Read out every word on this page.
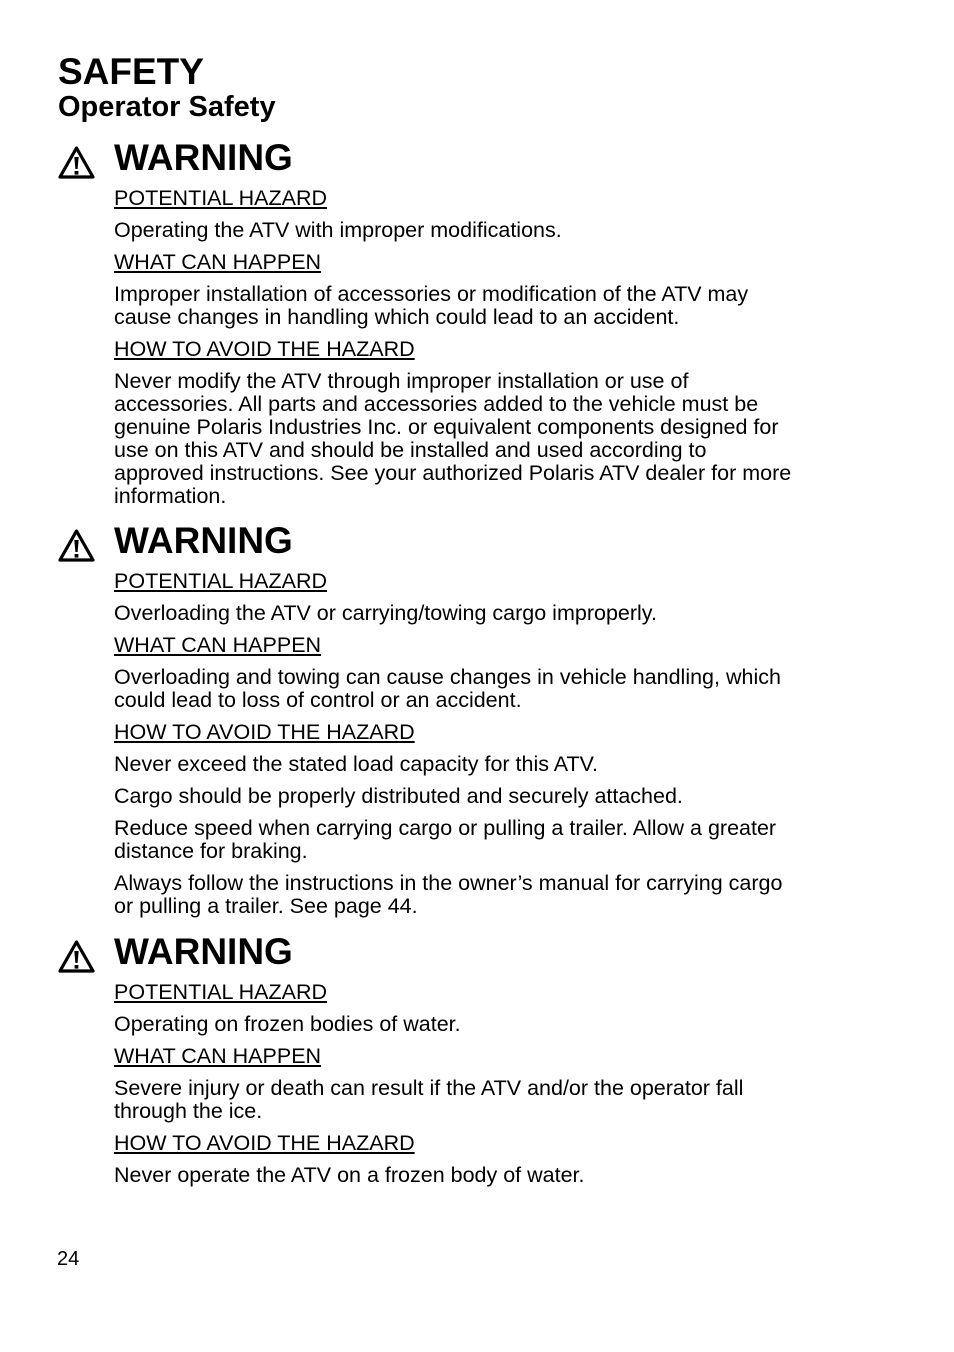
SAFETY
Operator Safety
WARNING
POTENTIAL HAZARD
Operating the ATV with improper modifications.
WHAT CAN HAPPEN
Improper installation of accessories or modification of the ATV may cause changes in handling which could lead to an accident.
HOW TO AVOID THE HAZARD
Never modify the ATV through improper installation or use of accessories. All parts and accessories added to the vehicle must be genuine Polaris Industries Inc. or equivalent components designed for use on this ATV and should be installed and used according to approved instructions. See your authorized Polaris ATV dealer for more information.
WARNING
POTENTIAL HAZARD
Overloading the ATV or carrying/towing cargo improperly.
WHAT CAN HAPPEN
Overloading and towing can cause changes in vehicle handling, which could lead to loss of control or an accident.
HOW TO AVOID THE HAZARD
Never exceed the stated load capacity for this ATV.
Cargo should be properly distributed and securely attached.
Reduce speed when carrying cargo or pulling a trailer. Allow a greater distance for braking.
Always follow the instructions in the owner’s manual for carrying cargo or pulling a trailer. See page 44.
WARNING
POTENTIAL HAZARD
Operating on frozen bodies of water.
WHAT CAN HAPPEN
Severe injury or death can result if the ATV and/or the operator fall through the ice.
HOW TO AVOID THE HAZARD
Never operate the ATV on a frozen body of water.
24
